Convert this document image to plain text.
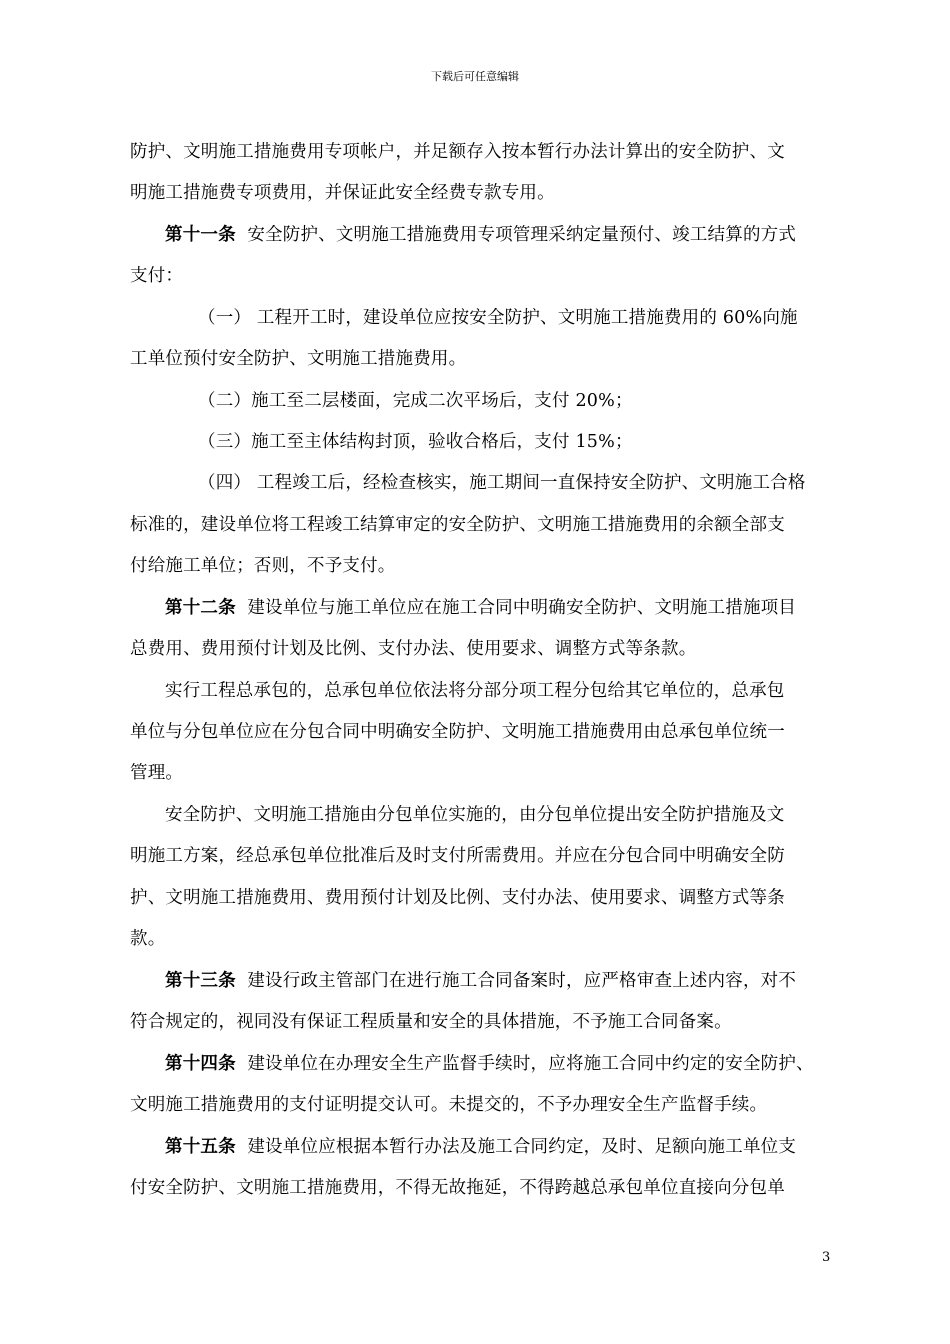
下载后可任意编辑
防护、文明施工措施费用专项帐户，并足额存入按本暂行办法计算出的安全防护、文
明施工措施费专项费用，并保证此安全经费专款专用。
第十一条 安全防护、文明施工措施费用专项管理采纳定量预付、竣工结算的方式
支付：
（一） 工程开工时，建设单位应按安全防护、文明施工措施费用的 60%向施
工单位预付安全防护、文明施工措施费用。
（二）施工至二层楼面，完成二次平场后，支付 20%；
（三）施工至主体结构封顶，验收合格后，支付 15%；
（四） 工程竣工后，经检查核实，施工期间一直保持安全防护、文明施工合格
标准的，建设单位将工程竣工结算审定的安全防护、文明施工措施费用的余额全部支
付给施工单位；否则，不予支付。
第十二条 建设单位与施工单位应在施工合同中明确安全防护、文明施工措施项目
总费用、费用预付计划及比例、支付办法、使用要求、调整方式等条款。
实行工程总承包的，总承包单位依法将分部分项工程分包给其它单位的，总承包
单位与分包单位应在分包合同中明确安全防护、文明施工措施费用由总承包单位统一
管理。
安全防护、文明施工措施由分包单位实施的，由分包单位提出安全防护措施及文
明施工方案，经总承包单位批准后及时支付所需费用。并应在分包合同中明确安全防
护、文明施工措施费用、费用预付计划及比例、支付办法、使用要求、调整方式等条
款。
第十三条 建设行政主管部门在进行施工合同备案时，应严格审查上述内容，对不
符合规定的，视同没有保证工程质量和安全的具体措施，不予施工合同备案。
第十四条 建设单位在办理安全生产监督手续时，应将施工合同中约定的安全防护、
文明施工措施费用的支付证明提交认可。未提交的，不予办理安全生产监督手续。
第十五条 建设单位应根据本暂行办法及施工合同约定，及时、足额向施工单位支
付安全防护、文明施工措施费用，不得无故拖延，不得跨越总承包单位直接向分包单
3
